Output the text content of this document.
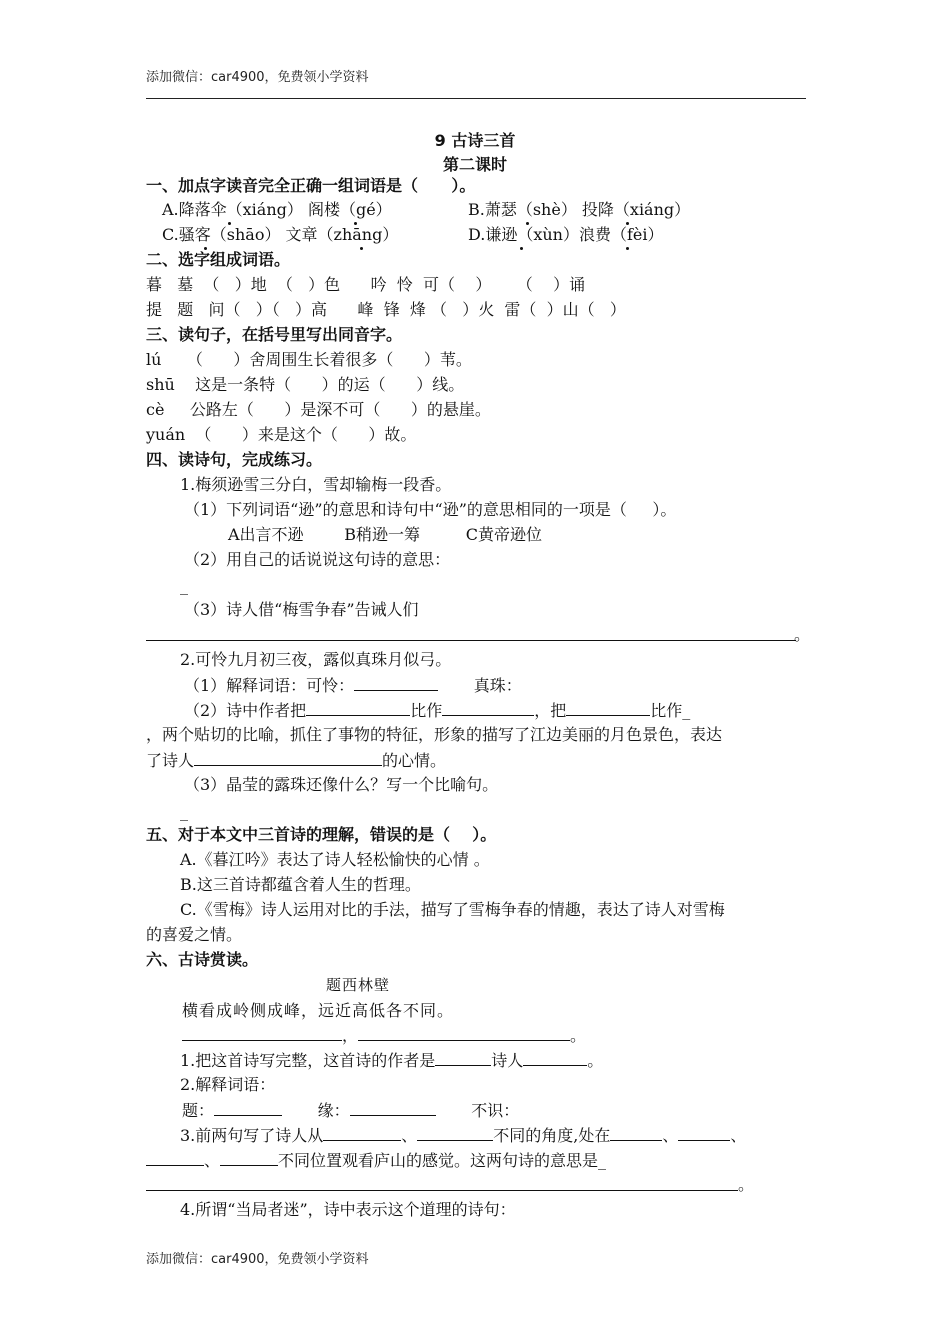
添加微信：car4900，免费领小学资料
9 古诗三首
第二课时
一、加点字读音完全正确一组词语是（      ）。
A.降落伞（xiáng） 阁楼（gé）	B.萧瑟（shè） 投降（xiáng）
C.骚客（shāo） 文章（zhāng）	D.谦逊（xùn）浪费（fèi）
二、选字组成词语。
暮   墓  （   ）地  （   ）色      吟  怜  可（    ）     （    ）诵
提   题   问（   ）（   ）高      峰  锋  烽 （   ）火  雷（  ）山（   ）
三、读句子，在括号里写出同音字。
lú     （      ）舍周围生长着很多（      ）苇。
shū    这是一条特（      ）的运（      ）线。
cè     公路左（      ）是深不可（      ）的悬崖。
yuán  （      ）来是这个（      ）故。
四、读诗句，完成练习。
1.梅须逊雪三分白，雪却输梅一段香。
（1）下列词语“逊”的意思和诗句中“逊”的意思相同的一项是（     ）。
A出言不逊        B稍逊一筹         C黄帝逊位
（2）用自己的话说说这句诗的意思：
_
（3）诗人借“梅雪争春”告诫人们
。
2.可怜九月初三夜，露似真珠月似弓。
（1）解释词语：可怜：	真珠：
（2）诗中作者把	比作	，把	比作_
，两个贴切的比喻，抓住了事物的特征，形象的描写了江边美丽的月色景色，表达
了诗人	的心情。
（3）晶莹的露珠还像什么？写一个比喻句。
_
五、对于本文中三首诗的理解，错误的是（    ）。
A.《暮江吟》表达了诗人轻松愉快的心情 。
B.这三首诗都蕴含着人生的哲理。
C.《雪梅》诗人运用对比的手法，描写了雪梅争春的情趣，表达了诗人对雪梅
的喜爱之情。
六、古诗赏读。
题西林壁
横看成岭侧成峰，远近高低各不同。
，	。
1.把这首诗写完整，这首诗的作者是	诗人	。
2.解释词语：
题：	缘：	不识：
3.前两句写了诗人从	、	不同的角度,处在	、	、
、	不同位置观看庐山的感觉。这两句诗的意思是_
。
4.所谓“当局者迷”，诗中表示这个道理的诗句：
添加微信：car4900，免费领小学资料
